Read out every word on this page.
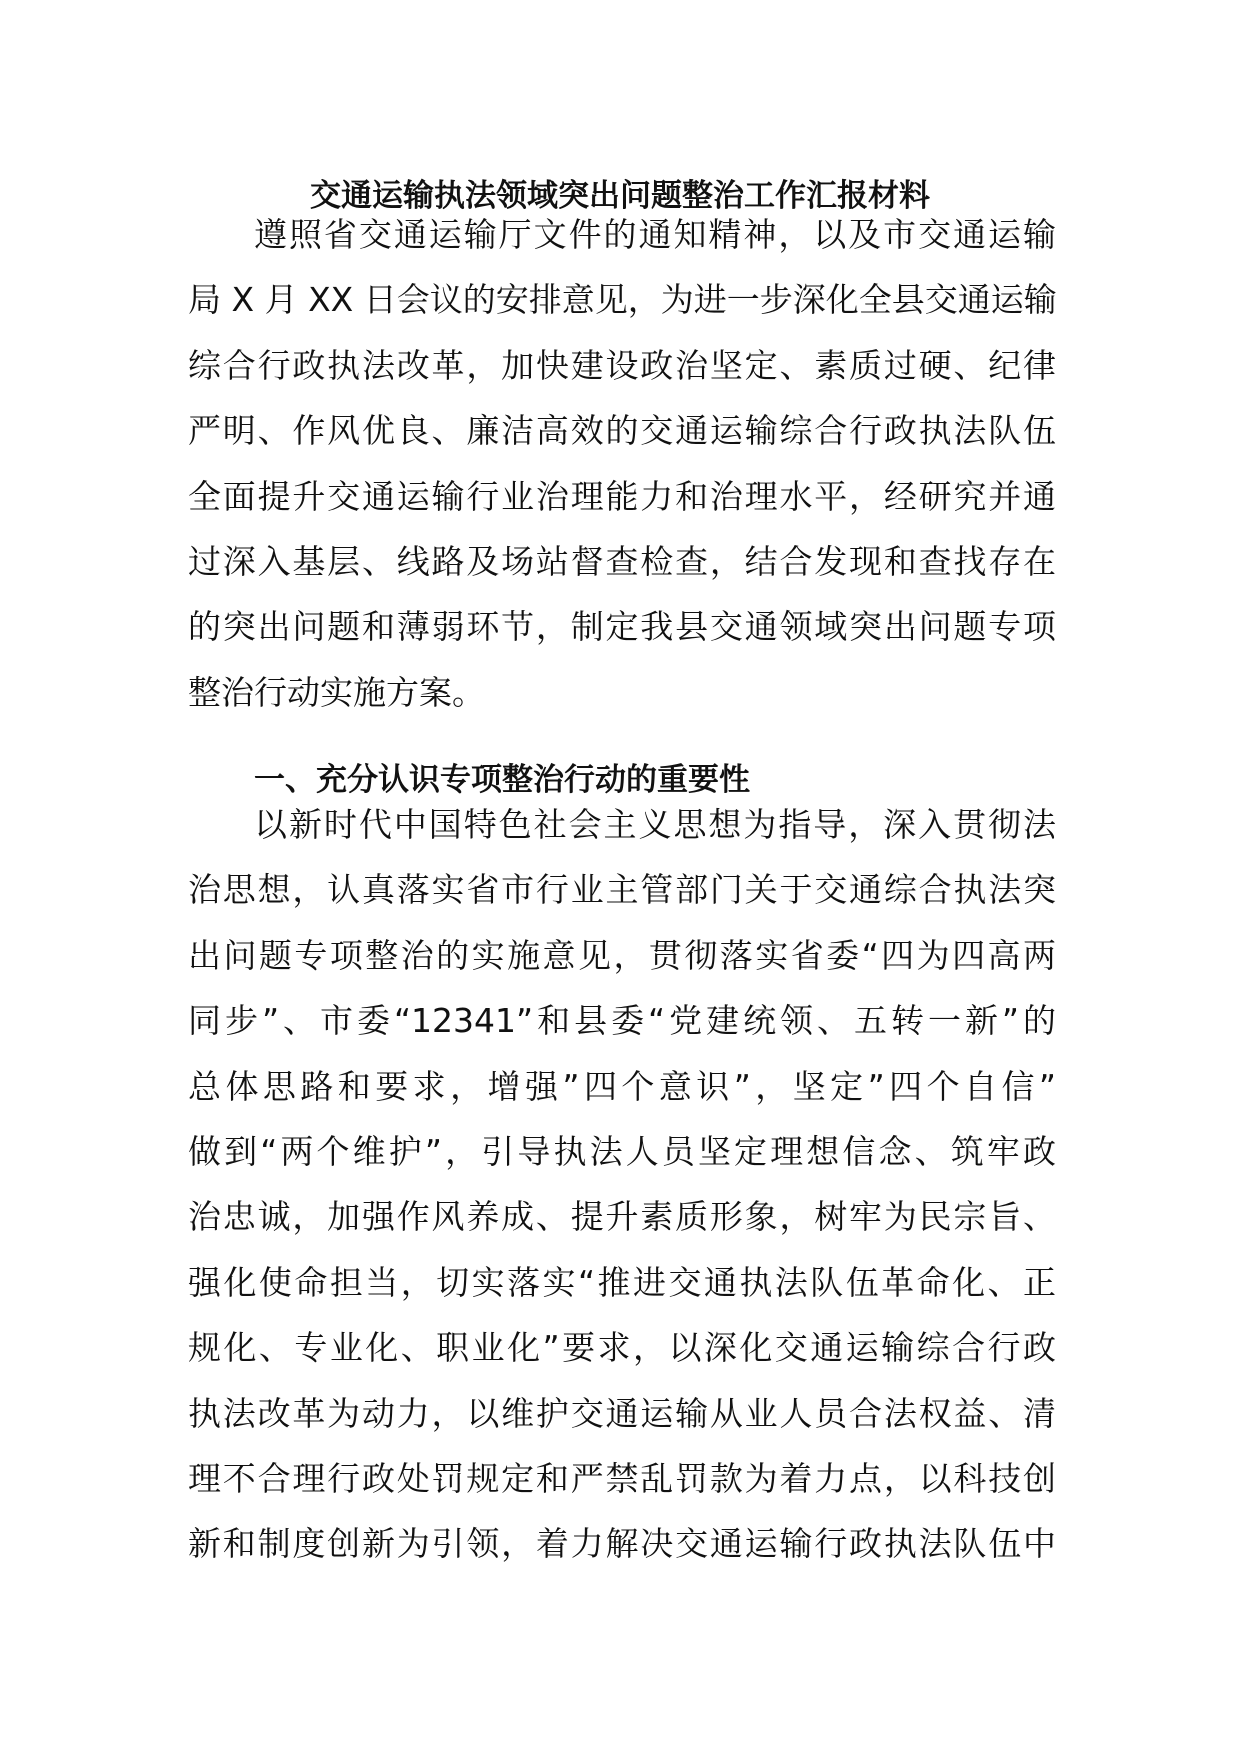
交通运输执法领域突出问题整治工作汇报材料
遵照省交通运输厅文件的通知精神，以及市交通运输
局 X 月 XX 日会议的安排意见，为进一步深化全县交通运输
综合行政执法改革，加快建设政治坚定、素质过硬、纪律
严明、作风优良、廉洁高效的交通运输综合行政执法队伍
全面提升交通运输行业治理能力和治理水平，经研究并通
过深入基层、线路及场站督查检查，结合发现和查找存在
的突出问题和薄弱环节，制定我县交通领域突出问题专项
整治行动实施方案。
一、充分认识专项整治行动的重要性
以新时代中国特色社会主义思想为指导，深入贯彻法
治思想，认真落实省市行业主管部门关于交通综合执法突
出问题专项整治的实施意见，贯彻落实省委“四为四高两
同步”、市委“12341”和县委“党建统领、五转一新”的
总体思路和要求，增强”四个意识”，坚定”四个自信”
做到“两个维护”，引导执法人员坚定理想信念、筑牢政
治忠诚，加强作风养成、提升素质形象，树牢为民宗旨、
强化使命担当，切实落实“推进交通执法队伍革命化、正
规化、专业化、职业化”要求，以深化交通运输综合行政
执法改革为动力，以维护交通运输从业人员合法权益、清
理不合理行政处罚规定和严禁乱罚款为着力点，以科技创
新和制度创新为引领，着力解决交通运输行政执法队伍中
